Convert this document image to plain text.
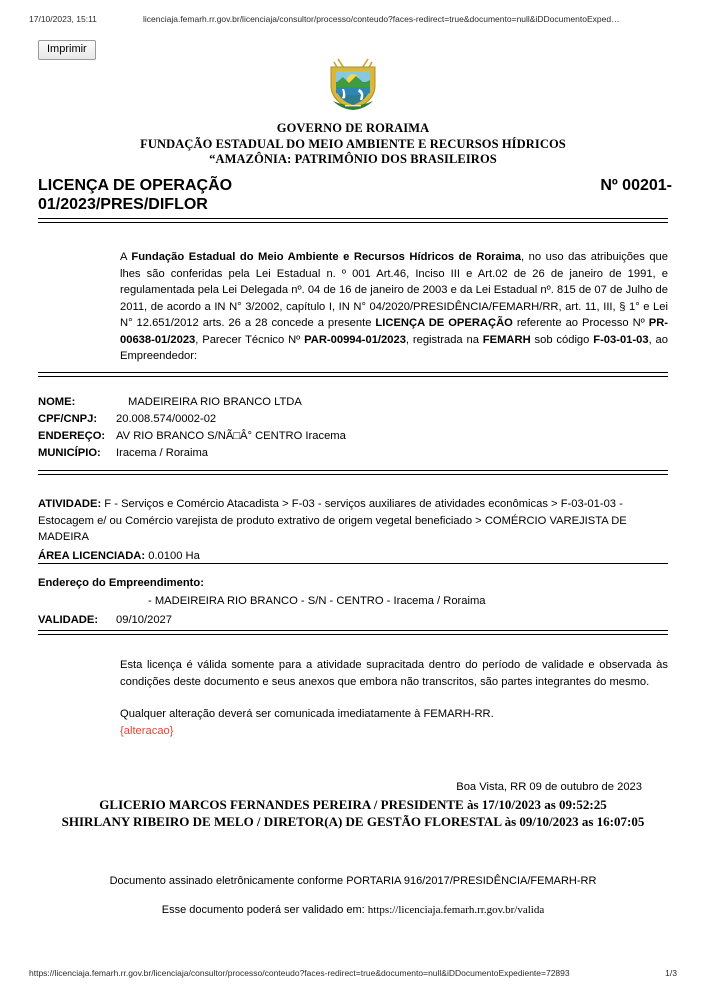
17/10/2023, 15:11	licenciaja.femarh.rr.gov.br/licenciaja/consultor/processo/conteudo?faces-redirect=true&documento=null&iDDocumentoExped…
Imprimir
GOVERNO DE RORAIMA
FUNDAÇÃO ESTADUAL DO MEIO AMBIENTE E RECURSOS HÍDRICOS
“AMAZÔNIA: PATRIMÔNIO DOS BRASILEIROS
Nº 00201-
LICENÇA DE OPERAÇÃO
01/2023/PRES/DIFLOR

A Fundação Estadual do Meio Ambiente e Recursos Hídricos de Roraima, no uso das atribuições que lhes são conferidas pela Lei Estadual n. º 001 Art.46, Inciso III e Art.02 de 26 de janeiro de 1991, e regulamentada pela Lei Delegada nº. 04 de 16 de janeiro de 2003 e da Lei Estadual nº. 815 de 07 de Julho de 2011, de acordo a IN N° 3/2002, capítulo I, IN N° 04/2020/PRESIDÊNCIA/FEMARH/RR, art. 11, III, § 1° e Lei N° 12.651/2012 arts. 26 a 28 concede a presente LICENÇA DE OPERAÇÃO referente ao Processo Nº PR-00638-01/2023, Parecer Técnico Nº PAR-00994-01/2023, registrada na FEMARH sob código F-03-01-03, ao Empreendedor:

NOME:	MADEIREIRA RIO BRANCO LTDA
CPF/CNPJ: 20.008.574/0002-02
ENDEREÇO: AV RIO BRANCO S/NÃ□Â° CENTRO Iracema
MUNICÍPIO: Iracema / Roraima
ATIVIDADE: F - Serviços e Comércio Atacadista > F-03 - serviços auxiliares de atividades econômicas > F-03-01-03 - Estocagem e/ ou Comércio varejista de produto extrativo de origem vegetal beneficiado > COMÉRCIO VAREJISTA DE MADEIRA
ÁREA LICENCIADA: 0.0100 Ha
Endereço do Empreendimento:
- MADEIREIRA RIO BRANCO - S/N - CENTRO - Iracema / Roraima
VALIDADE: 09/10/2027
Esta licença é válida somente para a atividade supracitada dentro do período de validade e observada às condições deste documento e seus anexos que embora não transcritos, são partes integrantes do mesmo.
Qualquer alteração deverá ser comunicada imediatamente à FEMARH-RR.
{alteracao}
Boa Vista, RR 09 de outubro de 2023
GLICERIO MARCOS FERNANDES PEREIRA / PRESIDENTE às 17/10/2023 as 09:52:25
SHIRLANY RIBEIRO DE MELO / DIRETOR(A) DE GESTÃO FLORESTAL às 09/10/2023 as 16:07:05
Documento assinado eletrônicamente conforme PORTARIA 916/2017/PRESIDÊNCIA/FEMARH-RR
Esse documento poderá ser validado em: https://licenciaja.femarh.rr.gov.br/valida
https://licenciaja.femarh.rr.gov.br/licenciaja/consultor/processo/conteudo?faces-redirect=true&documento=null&iDDocumentoExpediente=72893	1/3
